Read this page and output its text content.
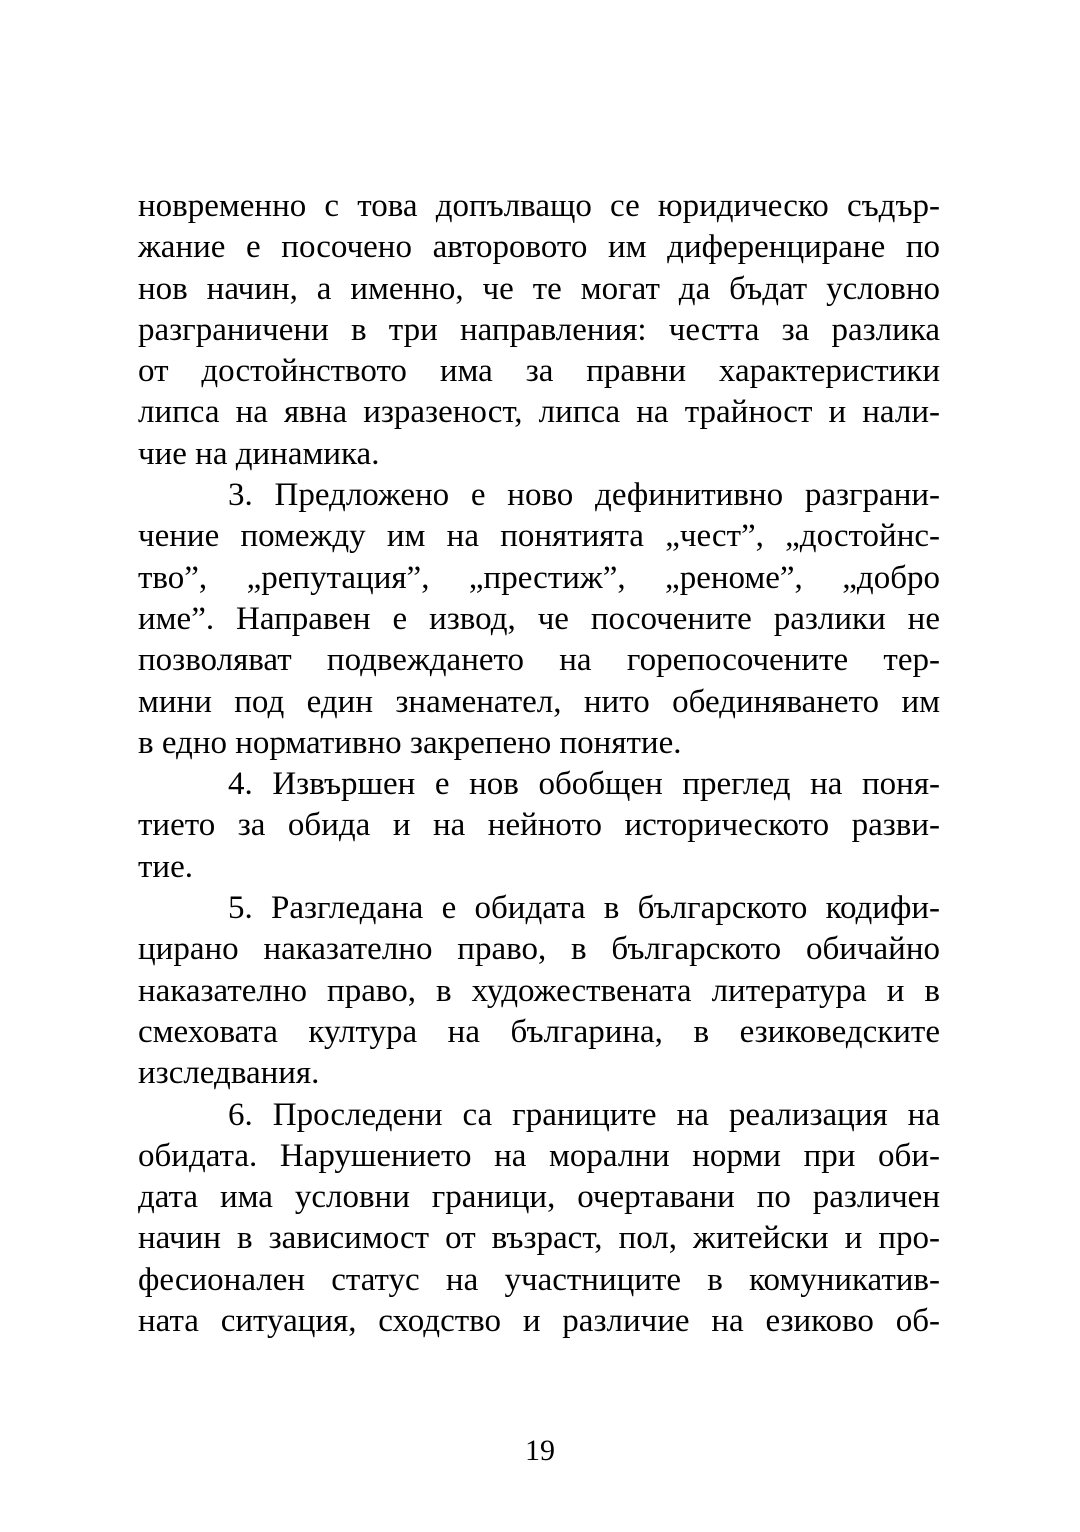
новременно с това допълващо се юридическо съдър-
жание е посочено авторовото им диференциране по
нов начин, а именно, че те могат да бъдат условно
разграничени в три направления: честта за разлика
от достойнството има за правни характеристики
липса на явна изразеност, липса на трайност и нали-
чие на динамика.
3. Предложено е ново дефинитивно разграни-
чение помежду им на понятията „чест”, „достойнс-
тво”, „репутация”, „престиж”, „реноме”, „добро
име”. Направен е извод, че посочените разлики не
позволяват подвеждането на горепосочените тер-
мини под един знаменател, нито обединяването им
в едно нормативно закрепено понятие.
4. Извършен е нов обобщен преглед на поня-
тието за обида и на нейното историческото разви-
тие.
5. Разгледана е обидата в българското кодифи-
цирано наказателно право, в българското обичайно
наказателно право, в художествената литература и в
смеховата култура на българина, в езиковедските
изследвания.
6. Проследени са границите на реализация на
обидата. Нарушението на морални норми при оби-
дата има условни граници, очертавани по различен
начин в зависимост от възраст, пол, житейски и про-
фесионален статус на участниците в комуникатив-
ната ситуация, сходство и различие на езиково об-
19
